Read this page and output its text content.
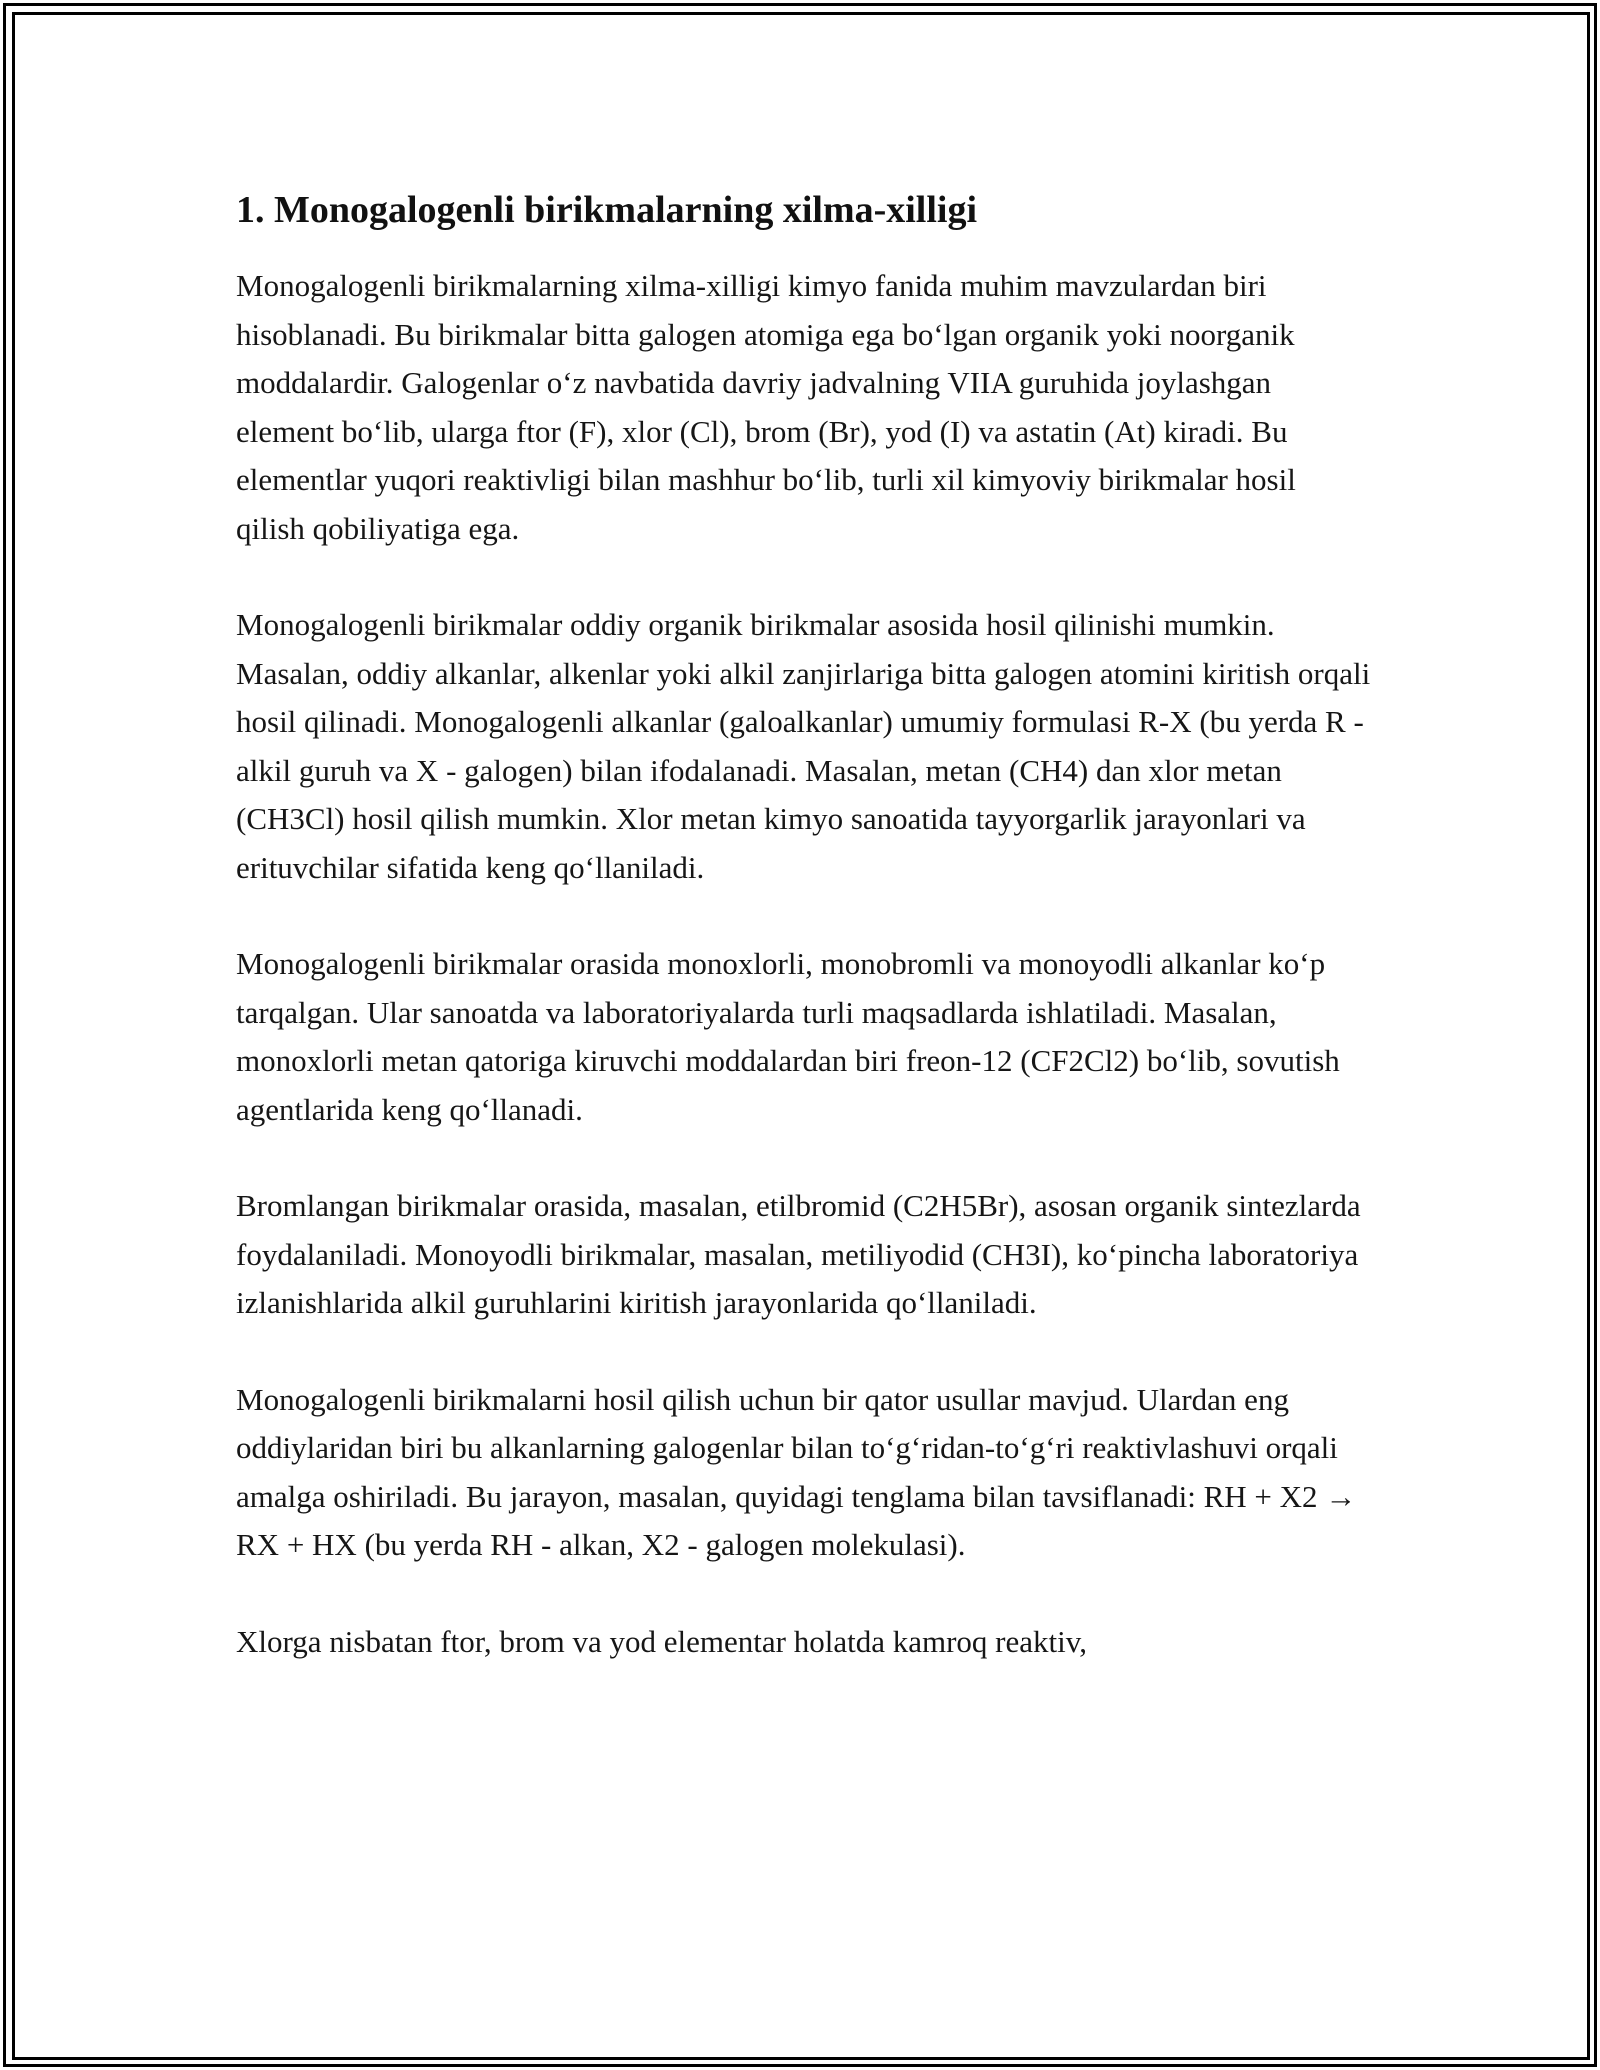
1. Monogalogenli birikmalarning xilma-xilligi

Monogalogenli birikmalarning xilma-xilligi kimyo fanida muhim mavzulardan biri hisoblanadi. Bu birikmalar bitta galogen atomiga ega bo‘lgan organik yoki noorganik moddalardir. Galogenlar o‘z navbatida davriy jadvalning VIIA guruhida joylashgan element bo‘lib, ularga ftor (F), xlor (Cl), brom (Br), yod (I) va astatin (At) kiradi. Bu elementlar yuqori reaktivligi bilan mashhur bo‘lib, turli xil kimyoviy birikmalar hosil qilish qobiliyatiga ega.

Monogalogenli birikmalar oddiy organik birikmalar asosida hosil qilinishi mumkin. Masalan, oddiy alkanlar, alkenlar yoki alkil zanjirlariga bitta galogen atomini kiritish orqali hosil qilinadi. Monogalogenli alkanlar (galoalkanlar) umumiy formulasi R-X (bu yerda R - alkil guruh va X - galogen) bilan ifodalanadi. Masalan, metan (CH4) dan xlor metan (CH3Cl) hosil qilish mumkin. Xlor metan kimyo sanoatida tayyorgarlik jarayonlari va erituvchilar sifatida keng qo‘llaniladi.

Monogalogenli birikmalar orasida monoxlorli, monobromli va monoyodli alkanlar ko‘p tarqalgan. Ular sanoatda va laboratoriyalarda turli maqsadlarda ishlatiladi. Masalan, monoxlorli metan qatoriga kiruvchi moddalardan biri freon-12 (CF2Cl2) bo‘lib, sovutish agentlarida keng qo‘llanadi.

Bromlangan birikmalar orasida, masalan, etilbromid (C2H5Br), asosan organik sintezlarda foydalaniladi. Monoyodli birikmalar, masalan, metiliyodid (CH3I), ko‘pincha laboratoriya izlanishlarida alkil guruhlarini kiritish jarayonlarida qo‘llaniladi.

Monogalogenli birikmalarni hosil qilish uchun bir qator usullar mavjud. Ulardan eng oddiylaridan biri bu alkanlarning galogenlar bilan to‘g‘ridan-to‘g‘ri reaktivlashuvi orqali amalga oshiriladi. Bu jarayon, masalan, quyidagi tenglama bilan tavsiflanadi: RH + X2 → RX + HX (bu yerda RH - alkan, X2 - galogen molekulasi).

Xlorga nisbatan ftor, brom va yod elementar holatda kamroq reaktiv,
